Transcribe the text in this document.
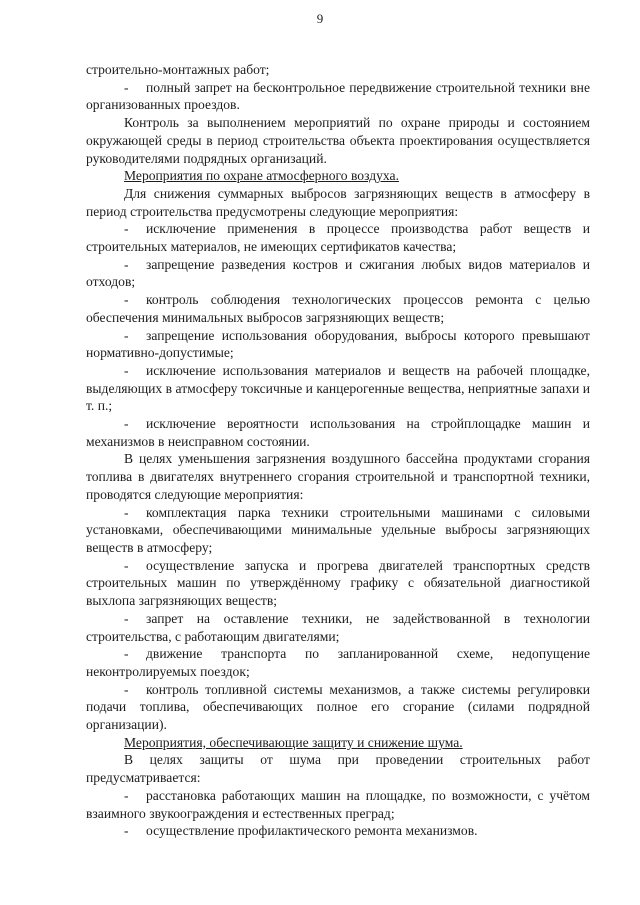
9

строительно-монтажных работ;

- полный запрет на бесконтрольное передвижение строительной техники вне организованных проездов.

Контроль за выполнением мероприятий по охране природы и состоянием окружающей среды в период строительства объекта проектирования осуществляется руководителями подрядных организаций.

Мероприятия по охране атмосферного воздуха.

Для снижения суммарных выбросов загрязняющих веществ в атмосферу в период строительства предусмотрены следующие мероприятия:

- исключение применения в процессе производства работ веществ и строительных материалов, не имеющих сертификатов качества;

- запрещение разведения костров и сжигания любых видов материалов и отходов;

- контроль соблюдения технологических процессов ремонта с целью обеспечения минимальных выбросов загрязняющих веществ;

- запрещение использования оборудования, выбросы которого превышают нормативно-допустимые;

- исключение использования материалов и веществ на рабочей площадке, выделяющих в атмосферу токсичные и канцерогенные вещества, неприятные запахи и т. п.;

- исключение вероятности использования на стройплощадке машин и механизмов в неисправном состоянии.

В целях уменьшения загрязнения воздушного бассейна продуктами сгорания топлива в двигателях внутреннего сгорания строительной и транспортной техники, проводятся следующие мероприятия:

- комплектация парка техники строительными машинами с силовыми установками, обеспечивающими минимальные удельные выбросы загрязняющих веществ в атмосферу;

- осуществление запуска и прогрева двигателей транспортных средств строительных машин по утверждённому графику с обязательной диагностикой выхлопа загрязняющих веществ;

- запрет на оставление техники, не задействованной в технологии строительства, с работающим двигателями;

- движение транспорта по запланированной схеме, недопущение неконтролируемых поездок;

- контроль топливной системы механизмов, а также системы регулировки подачи топлива, обеспечивающих полное его сгорание (силами подрядной организации).

Мероприятия, обеспечивающие защиту и снижение шума.

В целях защиты от шума при проведении строительных работ предусматривается:

- расстановка работающих машин на площадке, по возможности, с учётом взаимного звукоограждения и естественных преград;

- осуществление профилактического ремонта механизмов.
